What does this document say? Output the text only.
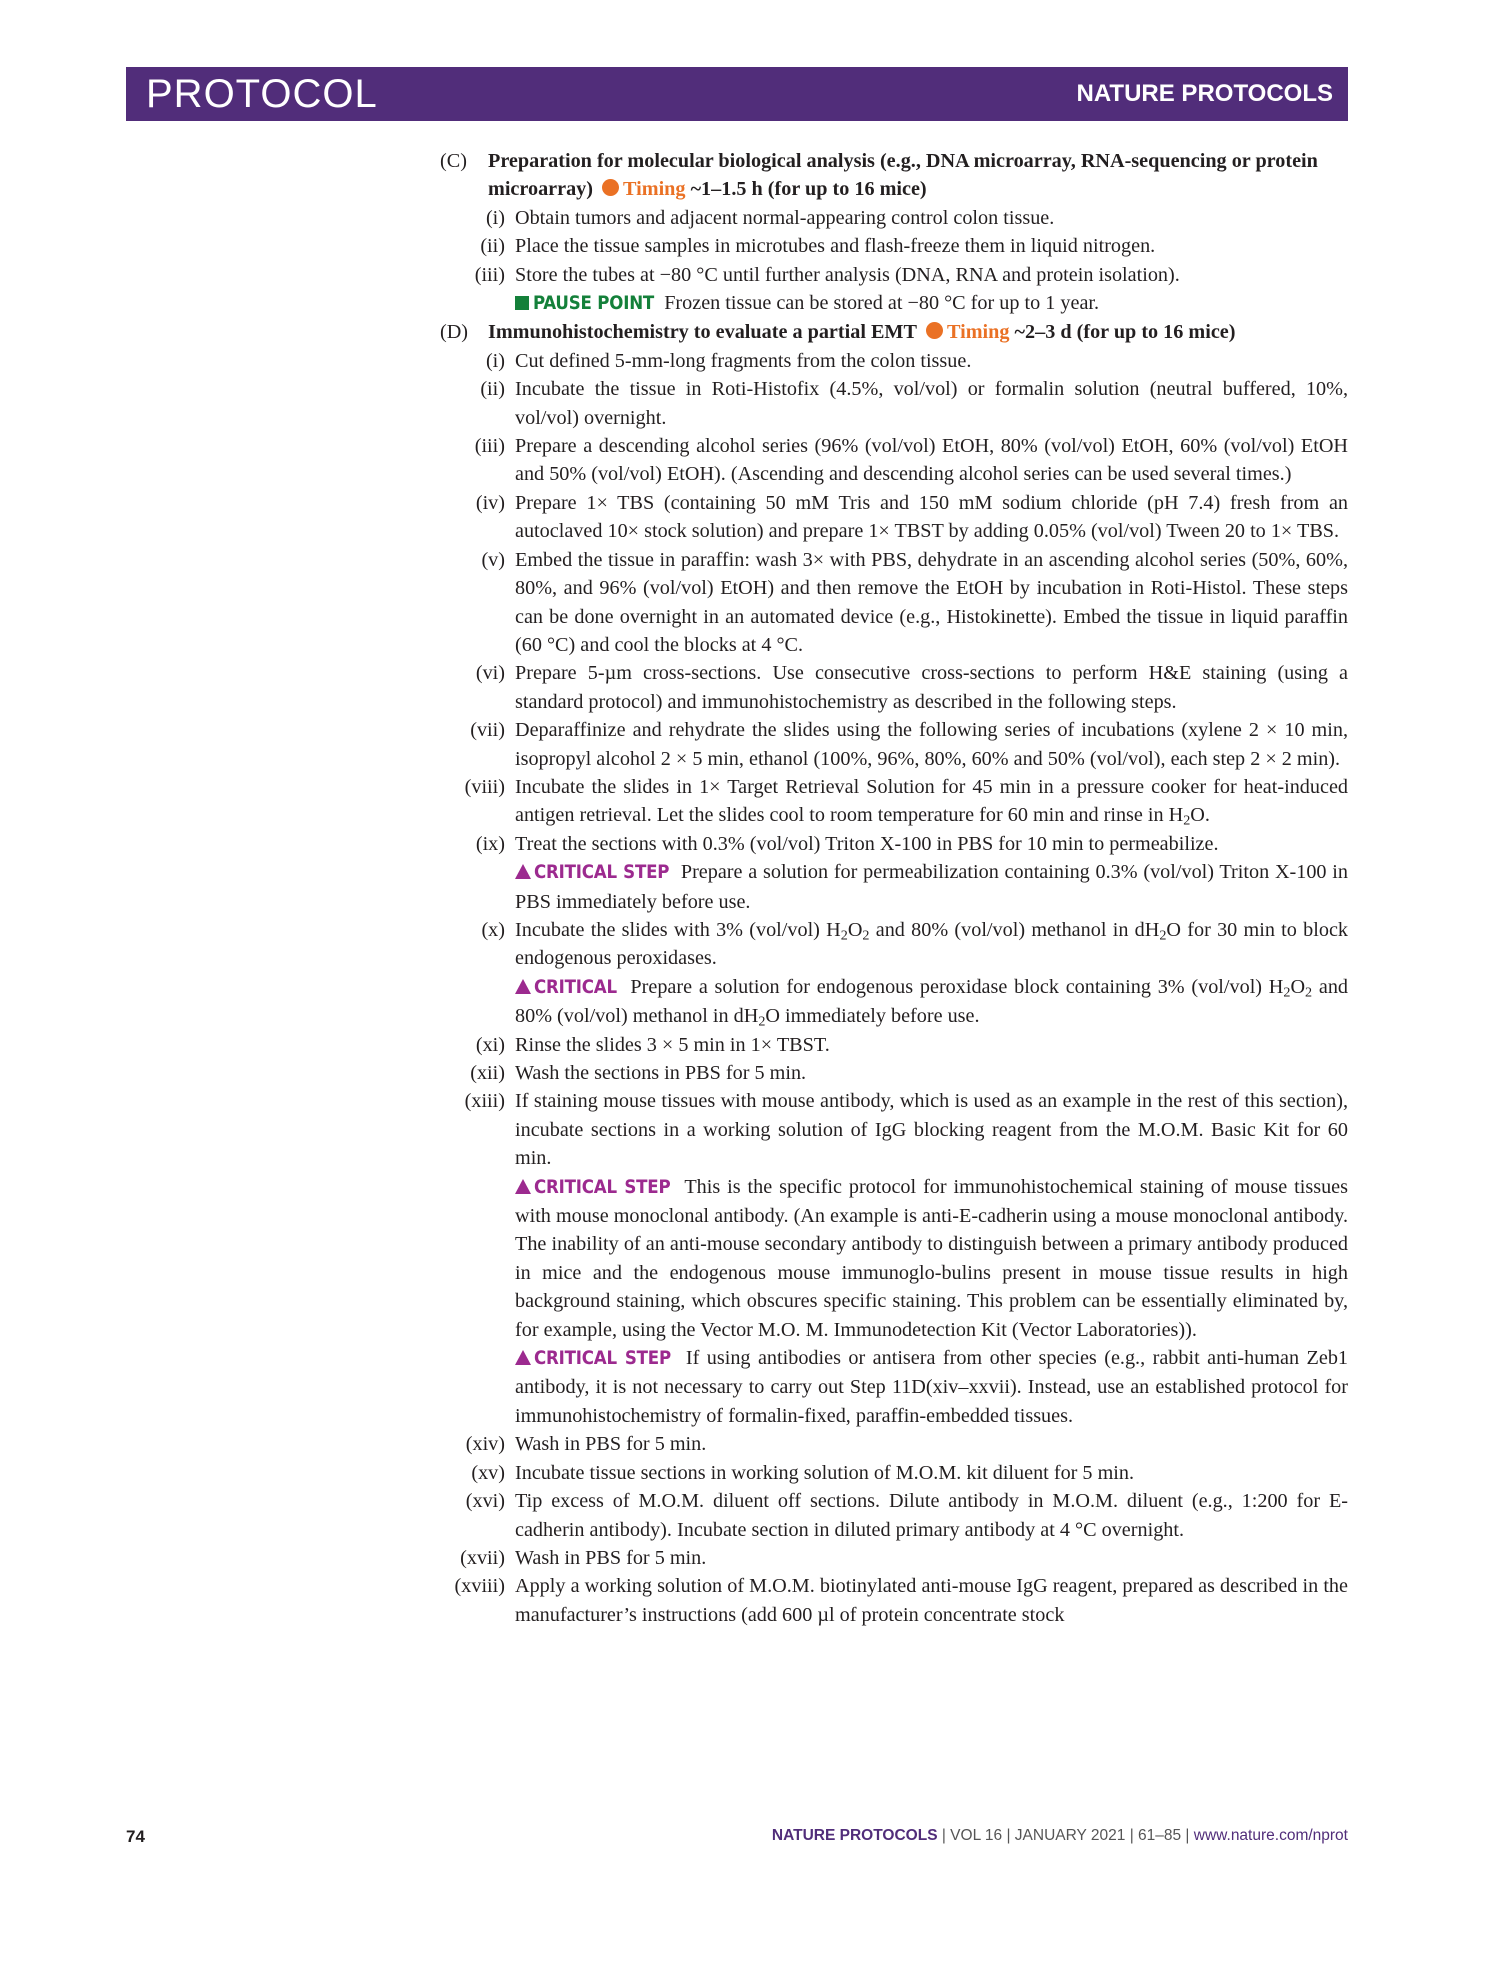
PROTOCOL	NATURE PROTOCOLS
(C) Preparation for molecular biological analysis (e.g., DNA microarray, RNA-sequencing or protein microarray) Timing ~1–1.5 h (for up to 16 mice)
(i) Obtain tumors and adjacent normal-appearing control colon tissue.
(ii) Place the tissue samples in microtubes and flash-freeze them in liquid nitrogen.
(iii) Store the tubes at −80 °C until further analysis (DNA, RNA and protein isolation).
PAUSE POINT Frozen tissue can be stored at −80 °C for up to 1 year.
(D) Immunohistochemistry to evaluate a partial EMT Timing ~2–3 d (for up to 16 mice)
(i) Cut defined 5-mm-long fragments from the colon tissue.
(ii) Incubate the tissue in Roti-Histofix (4.5%, vol/vol) or formalin solution (neutral buffered, 10%, vol/vol) overnight.
(iii) Prepare a descending alcohol series (96% (vol/vol) EtOH, 80% (vol/vol) EtOH, 60% (vol/vol) EtOH and 50% (vol/vol) EtOH). (Ascending and descending alcohol series can be used several times.)
(iv) Prepare 1× TBS (containing 50 mM Tris and 150 mM sodium chloride (pH 7.4) fresh from an autoclaved 10× stock solution) and prepare 1× TBST by adding 0.05% (vol/vol) Tween 20 to 1× TBS.
(v) Embed the tissue in paraffin: wash 3× with PBS, dehydrate in an ascending alcohol series (50%, 60%, 80%, and 96% (vol/vol) EtOH) and then remove the EtOH by incubation in Roti-Histol. These steps can be done overnight in an automated device (e.g., Histokinette). Embed the tissue in liquid paraffin (60 °C) and cool the blocks at 4 °C.
(vi) Prepare 5-µm cross-sections. Use consecutive cross-sections to perform H&E staining (using a standard protocol) and immunohistochemistry as described in the following steps.
(vii) Deparaffinize and rehydrate the slides using the following series of incubations (xylene 2 × 10 min, isopropyl alcohol 2 × 5 min, ethanol (100%, 96%, 80%, 60% and 50% (vol/vol), each step 2 × 2 min).
(viii) Incubate the slides in 1× Target Retrieval Solution for 45 min in a pressure cooker for heat-induced antigen retrieval. Let the slides cool to room temperature for 60 min and rinse in $H_2O$.
(ix) Treat the sections with 0.3% (vol/vol) Triton X-100 in PBS for 10 min to permeabilize.
CRITICAL STEP Prepare a solution for permeabilization containing 0.3% (vol/vol) Triton X-100 in PBS immediately before use.
(x) Incubate the slides with 3% (vol/vol) $H_2O_2$ and 80% (vol/vol) methanol in $dH_2O$ for 30 min to block endogenous peroxidases.
CRITICAL Prepare a solution for endogenous peroxidase block containing 3% (vol/vol) $H_2O_2$ and 80% (vol/vol) methanol in $dH_2O$ immediately before use.
(xi) Rinse the slides 3 × 5 min in 1× TBST.
(xii) Wash the sections in PBS for 5 min.
(xiii) If staining mouse tissues with mouse antibody, which is used as an example in the rest of this section), incubate sections in a working solution of IgG blocking reagent from the M.O.M. Basic Kit for 60 min.
CRITICAL STEP This is the specific protocol for immunohistochemical staining of mouse tissues with mouse monoclonal antibody. (An example is anti-E-cadherin using a mouse monoclonal antibody. The inability of an anti-mouse secondary antibody to distinguish between a primary antibody produced in mice and the endogenous mouse immunoglo-bulins present in mouse tissue results in high background staining, which obscures specific staining. This problem can be essentially eliminated by, for example, using the Vector M.O. M. Immunodetection Kit (Vector Laboratories)).
CRITICAL STEP If using antibodies or antisera from other species (e.g., rabbit anti-human Zeb1 antibody, it is not necessary to carry out Step 11D(xiv–xxvii). Instead, use an established protocol for immunohistochemistry of formalin-fixed, paraffin-embedded tissues.
(xiv) Wash in PBS for 5 min.
(xv) Incubate tissue sections in working solution of M.O.M. kit diluent for 5 min.
(xvi) Tip excess of M.O.M. diluent off sections. Dilute antibody in M.O.M. diluent (e.g., 1:200 for E-cadherin antibody). Incubate section in diluted primary antibody at 4 °C overnight.
(xvii) Wash in PBS for 5 min.
(xviii) Apply a working solution of M.O.M. biotinylated anti-mouse IgG reagent, prepared as described in the manufacturer’s instructions (add 600 µl of protein concentrate stock
74	NATURE PROTOCOLS | VOL 16 | JANUARY 2021 | 61–85 | www.nature.com/nprot
